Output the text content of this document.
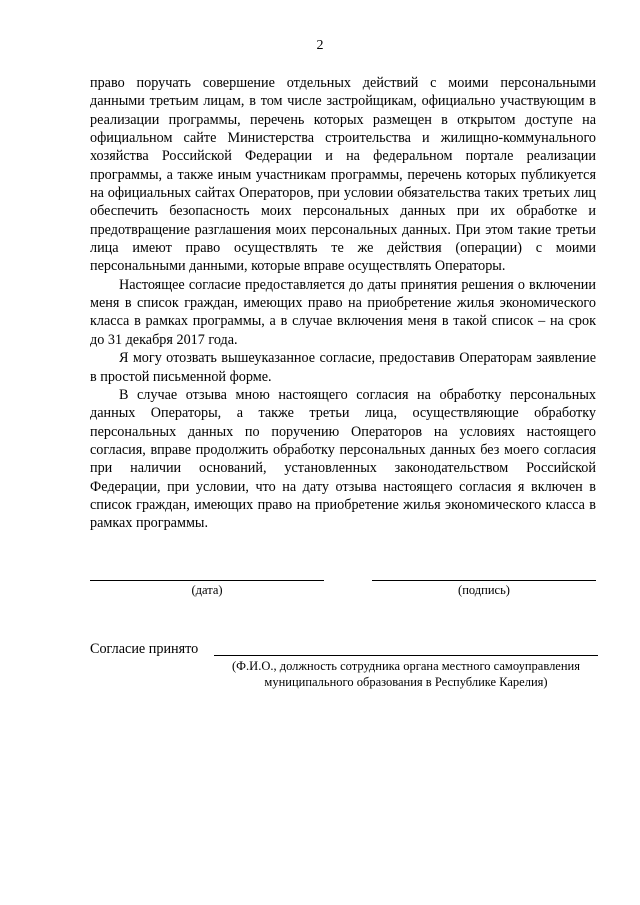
2

право поручать совершение отдельных действий с моими персональными данными третьим лицам, в том числе застройщикам, официально участвующим в реализации программы, перечень которых размещен в открытом доступе на официальном сайте Министерства строительства и жилищно-коммунального хозяйства Российской Федерации и на федеральном портале реализации программы, а также иным участникам программы, перечень которых публикуется на официальных сайтах Операторов, при условии обязательства таких третьих лиц обеспечить безопасность моих персональных данных при их обработке и предотвращение разглашения моих персональных данных. При этом такие третьи лица имеют право осуществлять те же действия (операции) с моими персональными данными, которые вправе осуществлять Операторы.

Настоящее согласие предоставляется до даты принятия решения о включении меня в список граждан, имеющих право на приобретение жилья экономического класса в рамках программы, а в случае включения меня в такой список – на срок до 31 декабря 2017 года.

Я могу отозвать вышеуказанное согласие, предоставив Операторам заявление в простой письменной форме.

В случае отзыва мною настоящего согласия на обработку персональных данных Операторы, а также третьи лица, осуществляющие обработку персональных данных по поручению Операторов на условиях настоящего согласия, вправе продолжить обработку персональных данных без моего согласия при наличии оснований, установленных законодательством Российской Федерации, при условии, что на дату отзыва настоящего согласия я включен в список граждан, имеющих право на приобретение жилья экономического класса в рамках программы.

(дата)	(подпись)
Согласие принято
(Ф.И.О., должность сотрудника органа местного самоуправления
муниципального образования в Республике Карелия)
